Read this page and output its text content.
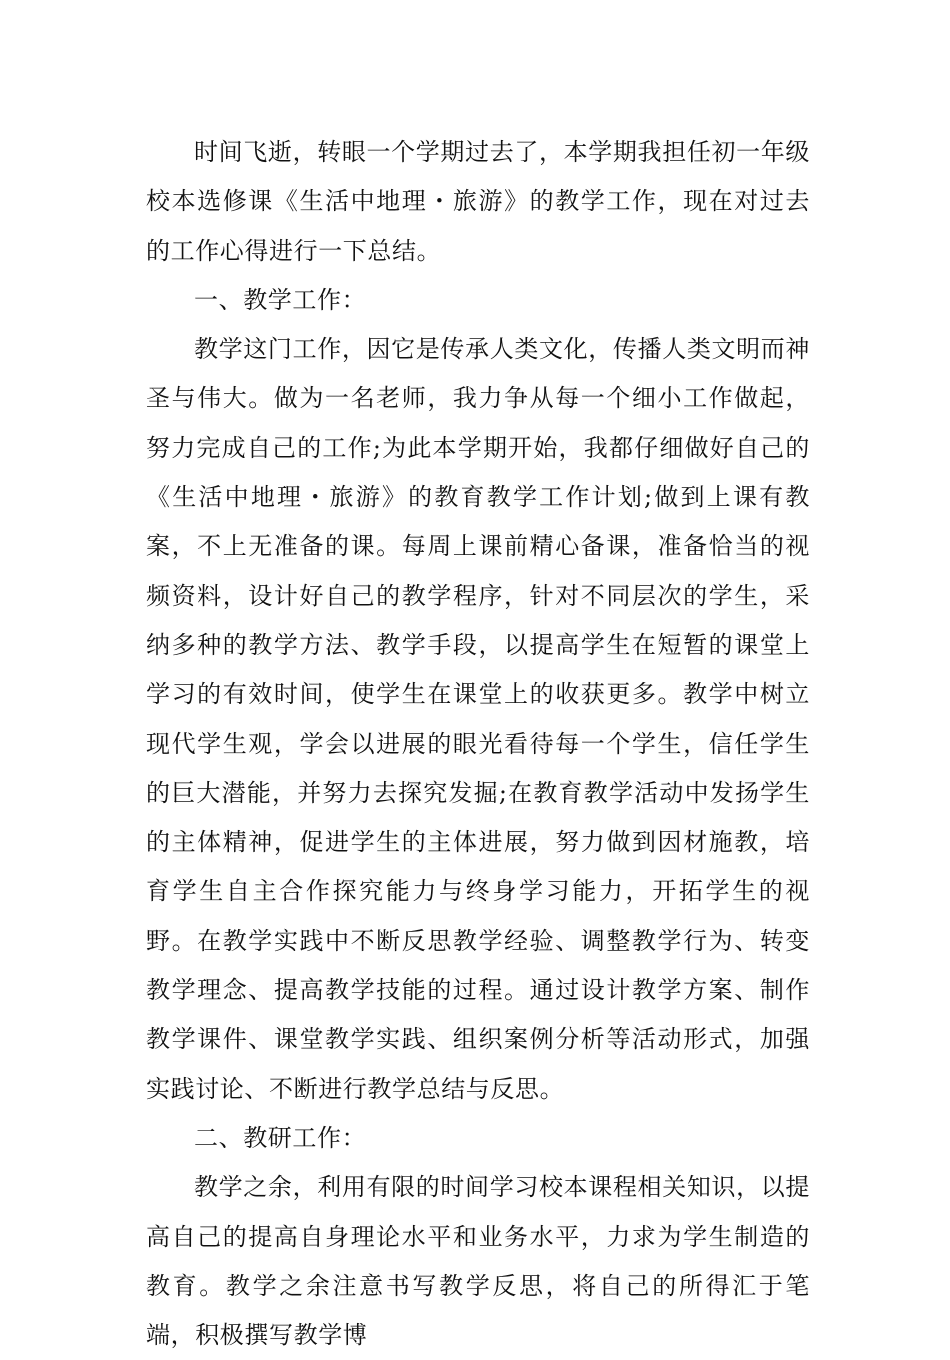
时间飞逝，转眼一个学期过去了，本学期我担任初一年级校本选修课《生活中地理・旅游》的教学工作，现在对过去的工作心得进行一下总结。

一、教学工作：

教学这门工作，因它是传承人类文化，传播人类文明而神圣与伟大。做为一名老师，我力争从每一个细小工作做起，努力完成自己的工作;为此本学期开始，我都仔细做好自己的《生活中地理・旅游》的教育教学工作计划;做到上课有教案，不上无准备的课。每周上课前精心备课，准备恰当的视频资料，设计好自己的教学程序，针对不同层次的学生，采纳多种的教学方法、教学手段，以提高学生在短暂的课堂上学习的有效时间，使学生在课堂上的收获更多。教学中树立现代学生观，学会以进展的眼光看待每一个学生，信任学生的巨大潜能，并努力去探究发掘;在教育教学活动中发扬学生的主体精神，促进学生的主体进展，努力做到因材施教，培育学生自主合作探究能力与终身学习能力，开拓学生的视野。在教学实践中不断反思教学经验、调整教学行为、转变教学理念、提高教学技能的过程。通过设计教学方案、制作教学课件、课堂教学实践、组织案例分析等活动形式，加强实践讨论、不断进行教学总结与反思。

二、教研工作：

教学之余，利用有限的时间学习校本课程相关知识，以提高自己的提高自身理论水平和业务水平，力求为学生制造的教育。教学之余注意书写教学反思，将自己的所得汇于笔端，积极撰写教学博
